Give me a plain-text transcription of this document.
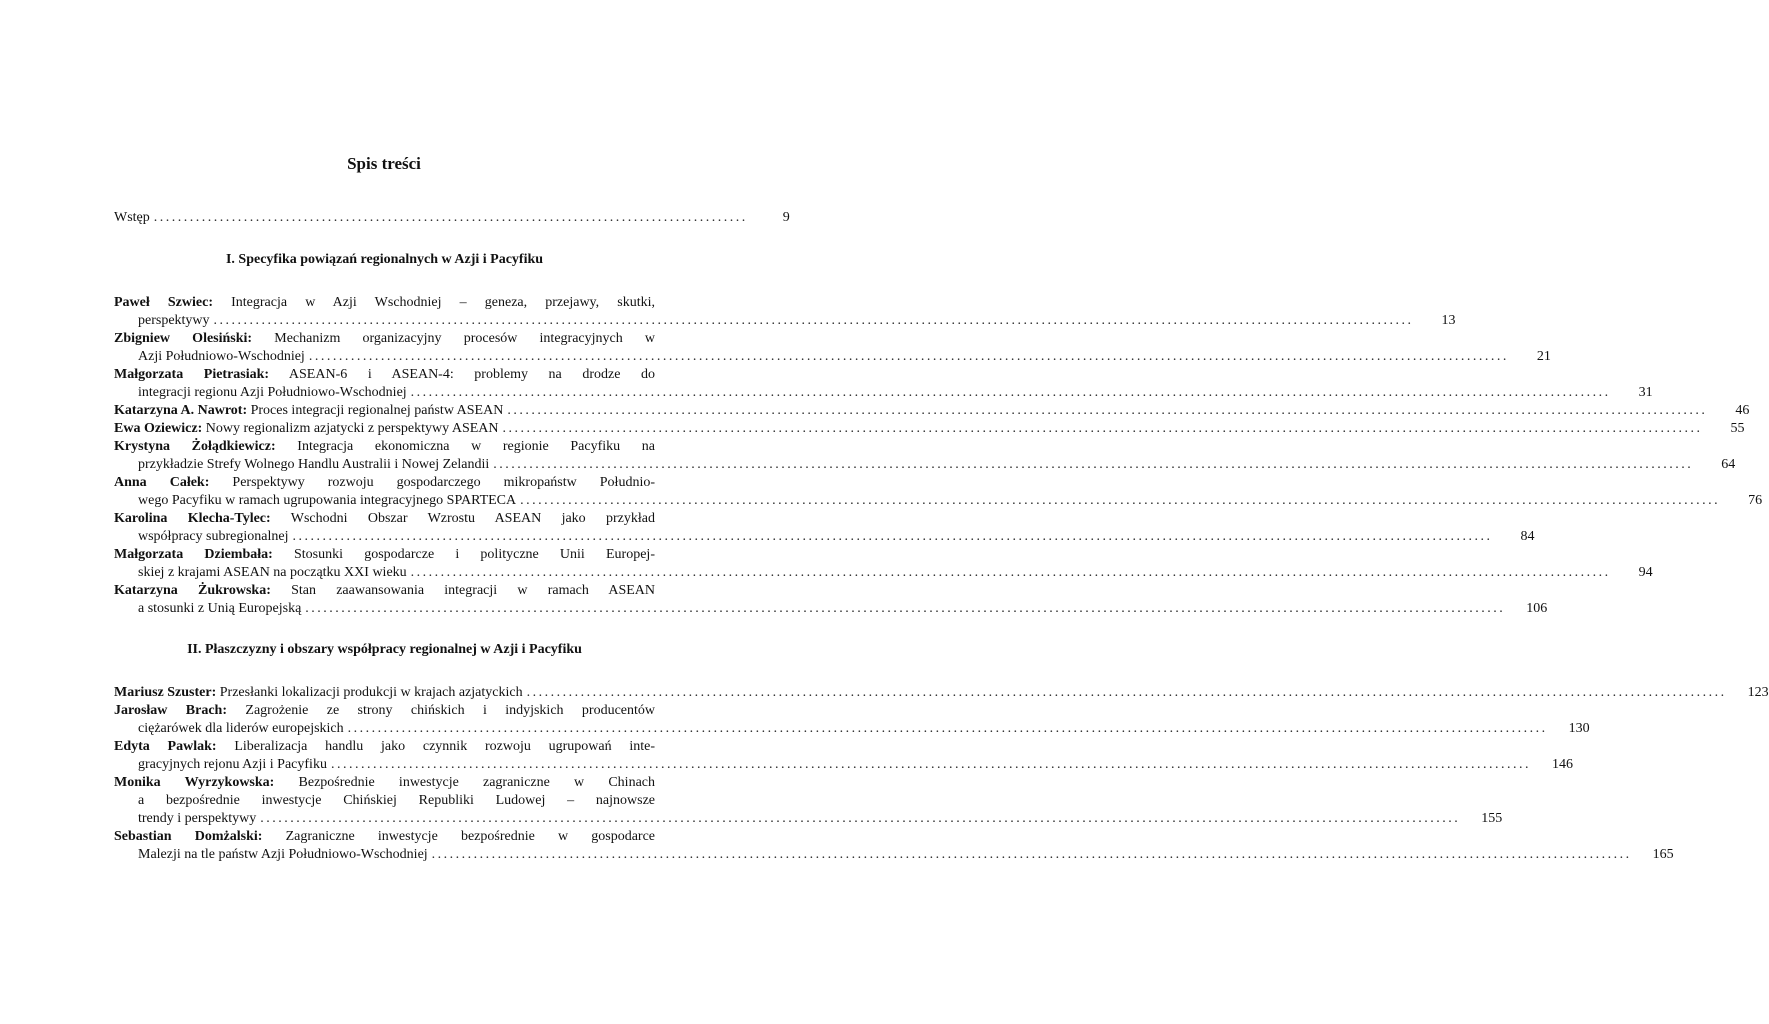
Spis treści
Wstęp ...................................................................................................	9
I. Specyfika powiązań regionalnych w Azji i Pacyfiku
Paweł Szwiec: Integracja w Azji Wschodniej – geneza, przejawy, skutki,
perspektywy ........................................................................................................................................................................................................	13
Zbigniew Olesiński: Mechanizm organizacyjny procesów integracyjnych w
Azji Południowo-Wschodniej ........................................................................................................................................................................................................	21
Małgorzata Pietrasiak: ASEAN-6 i ASEAN-4: problemy na drodze do
integracji regionu Azji Południowo-Wschodniej ........................................................................................................................................................................................................	31
Katarzyna A. Nawrot: Proces integracji regionalnej państw ASEAN ........................................................................................................................................................................................................	46
Ewa Oziewicz: Nowy regionalizm azjatycki z perspektywy ASEAN ........................................................................................................................................................................................................	55
Krystyna Żołądkiewicz: Integracja ekonomiczna w regionie Pacyfiku na
przykładzie Strefy Wolnego Handlu Australii i Nowej Zelandii ........................................................................................................................................................................................................	64
Anna Całek: Perspektywy rozwoju gospodarczego mikropaństw Południo-
wego Pacyfiku w ramach ugrupowania integracyjnego SPARTECA ........................................................................................................................................................................................................	76
Karolina Klecha-Tylec: Wschodni Obszar Wzrostu ASEAN jako przykład
współpracy subregionalnej ........................................................................................................................................................................................................	84
Małgorzata Dziembała: Stosunki gospodarcze i polityczne Unii Europej-
skiej z krajami ASEAN na początku XXI wieku ........................................................................................................................................................................................................	94
Katarzyna Żukrowska: Stan zaawansowania integracji w ramach ASEAN
a stosunki z Unią Europejską ........................................................................................................................................................................................................	106
II. Płaszczyzny i obszary współpracy regionalnej w Azji i Pacyfiku
Mariusz Szuster: Przesłanki lokalizacji produkcji w krajach azjatyckich ........................................................................................................................................................................................................	123
Jarosław Brach: Zagrożenie ze strony chińskich i indyjskich producentów
ciężarówek dla liderów europejskich ........................................................................................................................................................................................................	130
Edyta Pawlak: Liberalizacja handlu jako czynnik rozwoju ugrupowań inte-
gracyjnych rejonu Azji i Pacyfiku ........................................................................................................................................................................................................	146
Monika Wyrzykowska: Bezpośrednie inwestycje zagraniczne w Chinach
a bezpośrednie inwestycje Chińskiej Republiki Ludowej – najnowsze
trendy i perspektywy ........................................................................................................................................................................................................	155
Sebastian Domżalski: Zagraniczne inwestycje bezpośrednie w gospodarce
Malezji na tle państw Azji Południowo-Wschodniej ........................................................................................................................................................................................................	165
